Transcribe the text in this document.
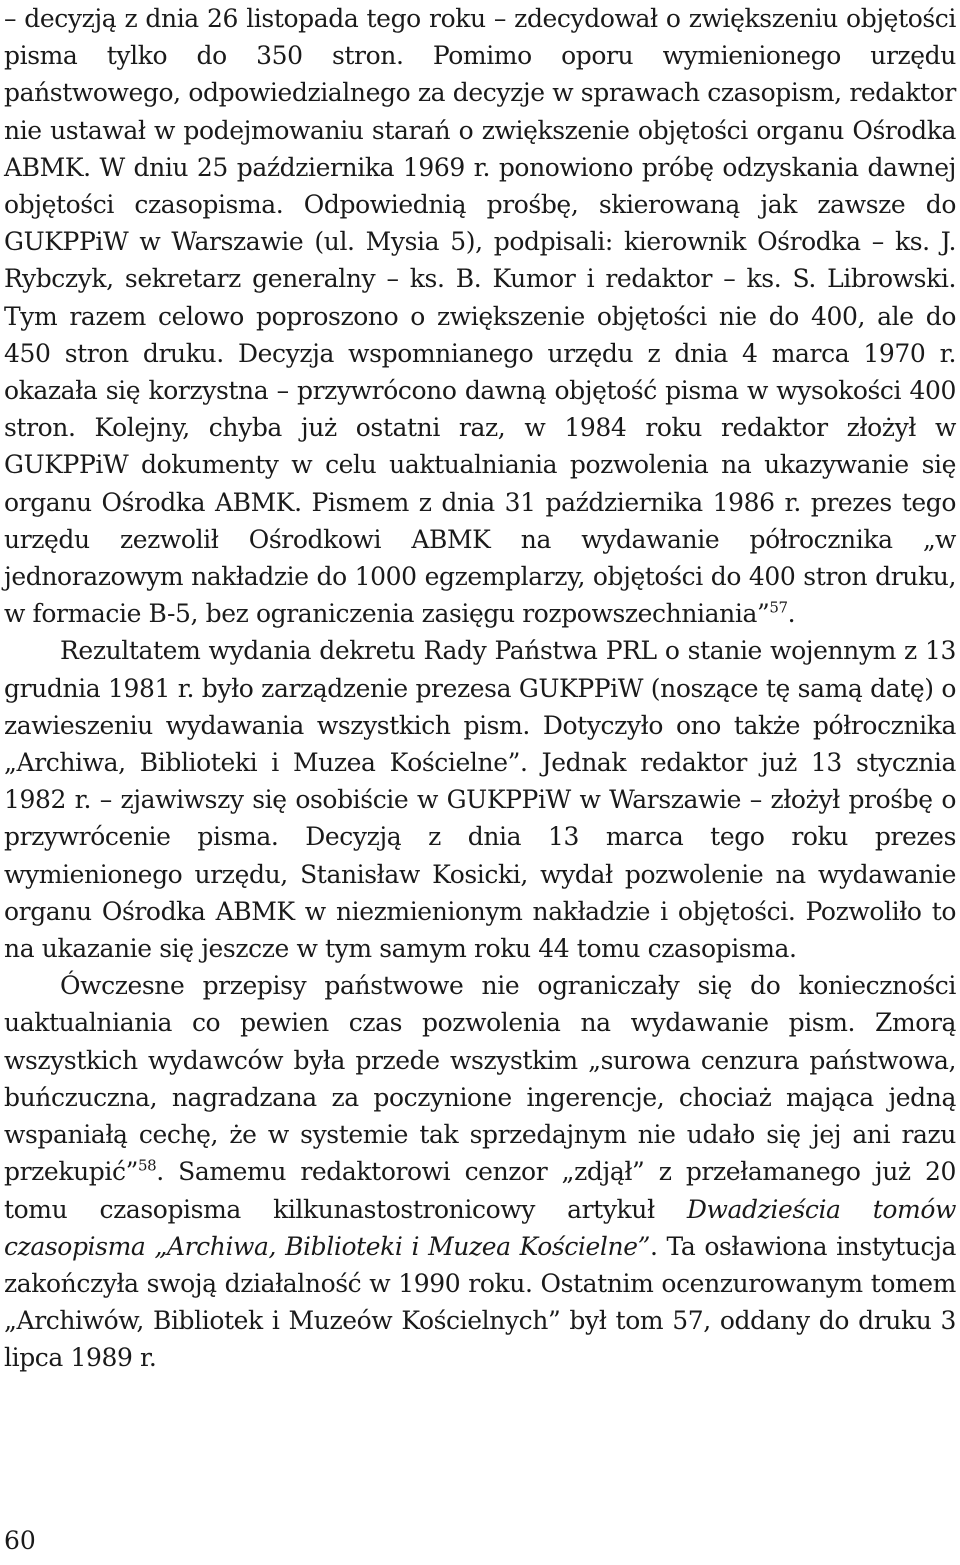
– decyzją z dnia 26 listopada tego roku – zdecydował o zwiększeniu objętości pisma tylko do 350 stron. Pomimo oporu wymienionego urzędu państwowego, odpowiedzialnego za decyzje w sprawach czasopism, redaktor nie ustawał w podejmowaniu starań o zwiększenie objętości organu Ośrodka ABMK. W dniu 25 października 1969 r. ponowiono próbę odzyskania dawnej objętości czasopisma. Odpowiednią prośbę, skierowaną jak zawsze do GUKPPiW w Warszawie (ul. Mysia 5), podpisali: kierownik Ośrodka – ks. J. Rybczyk, sekretarz generalny – ks. B. Kumor i redaktor – ks. S. Librowski. Tym razem celowo poproszono o zwiększenie objętości nie do 400, ale do 450 stron druku. Decyzja wspomnianego urzędu z dnia 4 marca 1970 r. okazała się korzystna – przywrócono dawną objętość pisma w wysokości 400 stron. Kolejny, chyba już ostatni raz, w 1984 roku redaktor złożył w GUKPPiW dokumenty w celu uaktualniania pozwolenia na ukazywanie się organu Ośrodka ABMK. Pismem z dnia 31 października 1986 r. prezes tego urzędu zezwolił Ośrodkowi ABMK na wydawanie półrocznika „w jednorazowym nakładzie do 1000 egzemplarzy, objętości do 400 stron druku, w formacie B-5, bez ograniczenia zasięgu rozpowszechniania”$^{57}$.

Rezultatem wydania dekretu Rady Państwa PRL o stanie wojennym z 13 grudnia 1981 r. było zarządzenie prezesa GUKPPiW (noszące tę samą datę) o zawieszeniu wydawania wszystkich pism. Dotyczyło ono także półrocznika „Archiwa, Biblioteki i Muzea Kościelne”. Jednak redaktor już 13 stycznia 1982 r. – zjawiwszy się osobiście w GUKPPiW w Warszawie – złożył prośbę o przywrócenie pisma. Decyzją z dnia 13 marca tego roku prezes wymienionego urzędu, Stanisław Kosicki, wydał pozwolenie na wydawanie organu Ośrodka ABMK w niezmienionym nakładzie i objętości. Pozwoliło to na ukazanie się jeszcze w tym samym roku 44 tomu czasopisma.

Ówczesne przepisy państwowe nie ograniczały się do konieczności uaktualniania co pewien czas pozwolenia na wydawanie pism. Zmorą wszystkich wydawców była przede wszystkim „surowa cenzura państwowa, buńczuczna, nagradzana za poczynione ingerencje, chociaż mająca jedną wspaniałą cechę, że w systemie tak sprzedajnym nie udało się jej ani razu przekupić”$^{58}$. Samemu redaktorowi cenzor „zdjął” z przełamanego już 20 tomu czasopisma kilkunastostronicowy artykuł Dwadzieścia tomów czasopisma „Archiwa, Biblioteki i Muzea Kościelne”. Ta osławiona instytucja zakończyła swoją działalność w 1990 roku. Ostatnim ocenzurowanym tomem „Archiwów, Bibliotek i Muzeów Kościelnych” był tom 57, oddany do druku 3 lipca 1989 r.

60
